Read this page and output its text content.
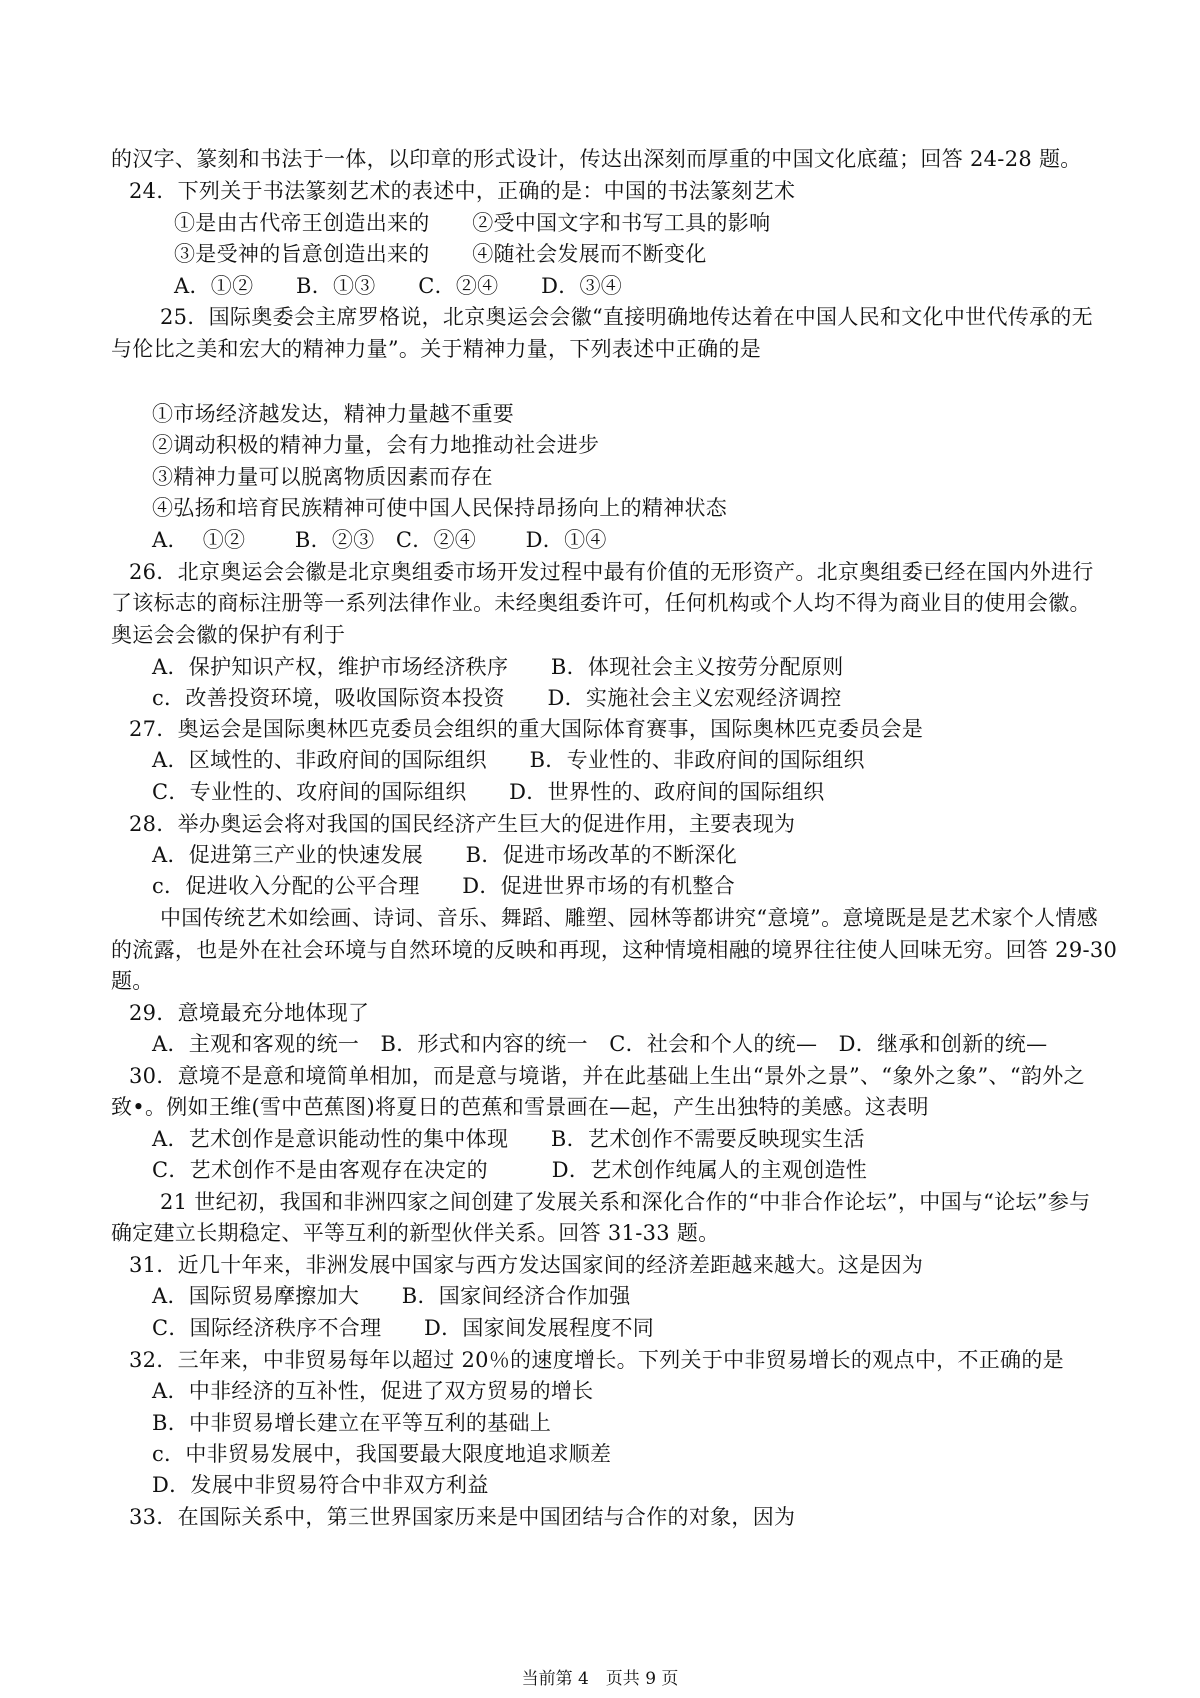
的汉字、篆刻和书法于一体，以印章的形式设计，传达出深刻而厚重的中国文化底蕴；回答 24-28 题。
24．下列关于书法篆刻艺术的表述中，正确的是：中国的书法篆刻艺术
①是由古代帝王创造出来的　　②受中国文字和书写工具的影响
③是受神的旨意创造出来的　　④随社会发展而不断变化
A．①②　　B．①③　　C．②④　　D．③④
25．国际奥委会主席罗格说，北京奥运会会徽“直接明确地传达着在中国人民和文化中世代传承的无
与伦比之美和宏大的精神力量”。关于精神力量，下列表述中正确的是
①市场经济越发达，精神力量越不重要
②调动积极的精神力量，会有力地推动社会进步
③精神力量可以脱离物质因素而存在
④弘扬和培育民族精神可使中国人民保持昂扬向上的精神状态
A．  ①②　　 B．②③　C．②④　　 D．①④
26．北京奥运会会徽是北京奥组委市场开发过程中最有价值的无形资产。北京奥组委已经在国内外进行
了该标志的商标注册等一系列法律作业。未经奥组委许可，任何机构或个人均不得为商业目的使用会徽。
奥运会会徽的保护有利于
A．保护知识产权，维护市场经济秩序　　B．体现社会主义按劳分配原则
c．改善投资环境，吸收国际资本投资　　D．实施社会主义宏观经济调控
27．奥运会是国际奥林匹克委员会组织的重大国际体育赛事，国际奥林匹克委员会是
A．区域性的、非政府间的国际组织　　B．专业性的、非政府间的国际组织
C．专业性的、攻府间的国际组织　　D．世界性的、政府间的国际组织
28．举办奥运会将对我国的国民经济产生巨大的促进作用，主要表现为
A．促进第三产业的快速发展　　B．促进市场改革的不断深化
c．促进收入分配的公平合理　　D．促进世界市场的有机整合
中国传统艺术如绘画、诗词、音乐、舞蹈、雕塑、园林等都讲究“意境”。意境既是是艺术家个人情感
的流露，也是外在社会环境与自然环境的反映和再现，这种情境相融的境界往往使人回味无穷。回答 29-30
题。
29．意境最充分地体现了
A．主观和客观的统一　B．形式和内容的统一　C．社会和个人的统—　D．继承和创新的统—
30．意境不是意和境简单相加，而是意与境谐，并在此基础上生出“景外之景”、“象外之象”、“韵外之
致•。例如王维(雪中芭蕉图)将夏日的芭蕉和雪景画在—起，产生出独特的美感。这表明
A．艺术创作是意识能动性的集中体现　　B．艺术创作不需要反映现实生活
C．艺术创作不是由客观存在决定的　　　D．艺术创作纯属人的主观创造性
21 世纪初，我国和非洲四家之间创建了发展关系和深化合作的“中非合作论坛”，中国与“论坛”参与
确定建立长期稳定、平等互利的新型伙伴关系。回答 31-33 题。
31．近几十年来，非洲发展中国家与西方发达国家间的经济差距越来越大。这是因为
A．国际贸易摩擦加大　　B．国家间经济合作加强
C．国际经济秩序不合理　　D．国家间发展程度不同
32．三年来，中非贸易每年以超过 20％的速度增长。下列关于中非贸易增长的观点中，不正确的是
A．中非经济的互补性，促进了双方贸易的增长
B．中非贸易增长建立在平等互利的基础上
c．中非贸易发展中，我国要最大限度地追求顺差
D．发展中非贸易符合中非双方利益
33．在国际关系中，第三世界国家历来是中国团结与合作的对象，因为
当前第 4　页共 9 页
